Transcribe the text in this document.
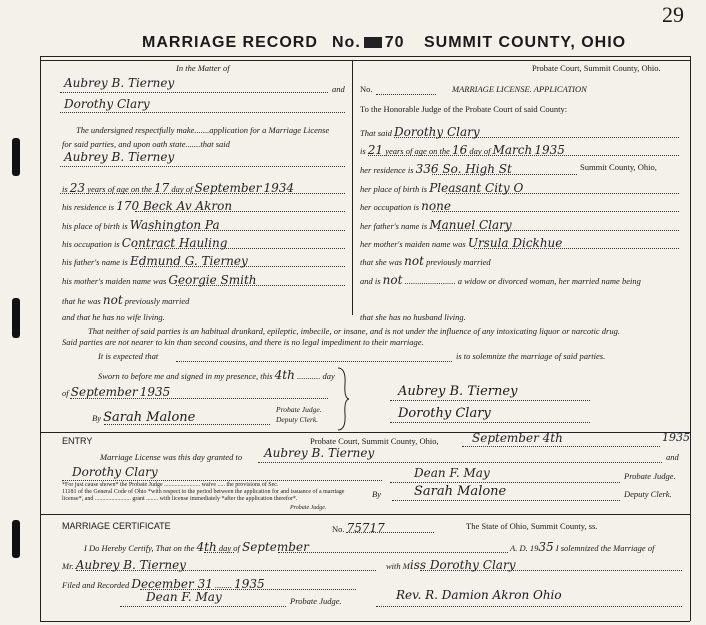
29
MARRIAGE RECORD No. 70 SUMMIT COUNTY, OHIO
In the Matter of
Aubrey B. Tierney	and
Dorothy Clary
The undersigned respectfully make.......application for a Marriage License
for said parties, and upon oath state.......that said
Aubrey B. Tierney
is 23 years of age on the 17 day of September 1934
his residence is 170 Beck Av Akron
his place of birth is Washington Pa
his occupation is Contract Hauling
his father's name is Edmund G. Tierney
his mother's maiden name was Georgie Smith
that he was not previously married
and that he has no wife living.
Probate Court, Summit County, Ohio.
No.	MARRIAGE LICENSE. APPLICATION
To the Honorable Judge of the Probate Court of said County:
That said Dorothy Clary
is 21 years of age on the 16 day of March 1935
her residence is 336 So. High St	Summit County, Ohio,
her place of birth is Pleasant City O
her occupation is none
her father's name is Manuel Clary
her mother's maiden name was Ursula Dickhue
that she was not previously married
and is not ........................ a widow or divorced woman, her married name being
that she has no husband living.
That neither of said parties is an habitual drunkard, epileptic, imbecile, or insane, and is not under the influence of any intoxicating liquor or narcotic drug.
Said parties are not nearer to kin than second cousins, and there is no legal impediment to their marriage.
It is expected that	is to solemnize the marriage of said parties.
Sworn to before me and signed in my presence, this 4th ........... day
of September 1935
By Sarah Malone
Probate Judge.
Deputy Clerk.
Aubrey B. Tierney
Dorothy Clary
ENTRY	Probate Court, Summit County, Ohio,	September 4th	1935
Marriage License was this day granted to Aubrey B. Tierney	and
Dorothy Clary	Dean F. May	Probate Judge.
*For just cause shown* the Probate Judge ........................ waive ..... the provisions of Sec.
11181 of the General Code of Ohio *with respect to the period between the application for and issuance of a marriage
license*, and ........................ grant ........ with license immediately *after the application therefor*.
Probate Judge.
By	Sarah Malone	Deputy Clerk.
MARRIAGE CERTIFICATE	No. 75717	The State of Ohio, Summit County, ss.
I Do Hereby Certify, That on the 4th day of September	A. D. 1935 I solemnized the Marriage of
Mr. Aubrey B. Tierney	with Miss Dorothy Clary
Filed and Recorded December 31 ........ 1935
Dean F. May	Probate Judge.	Rev. R. Damion Akron Ohio
